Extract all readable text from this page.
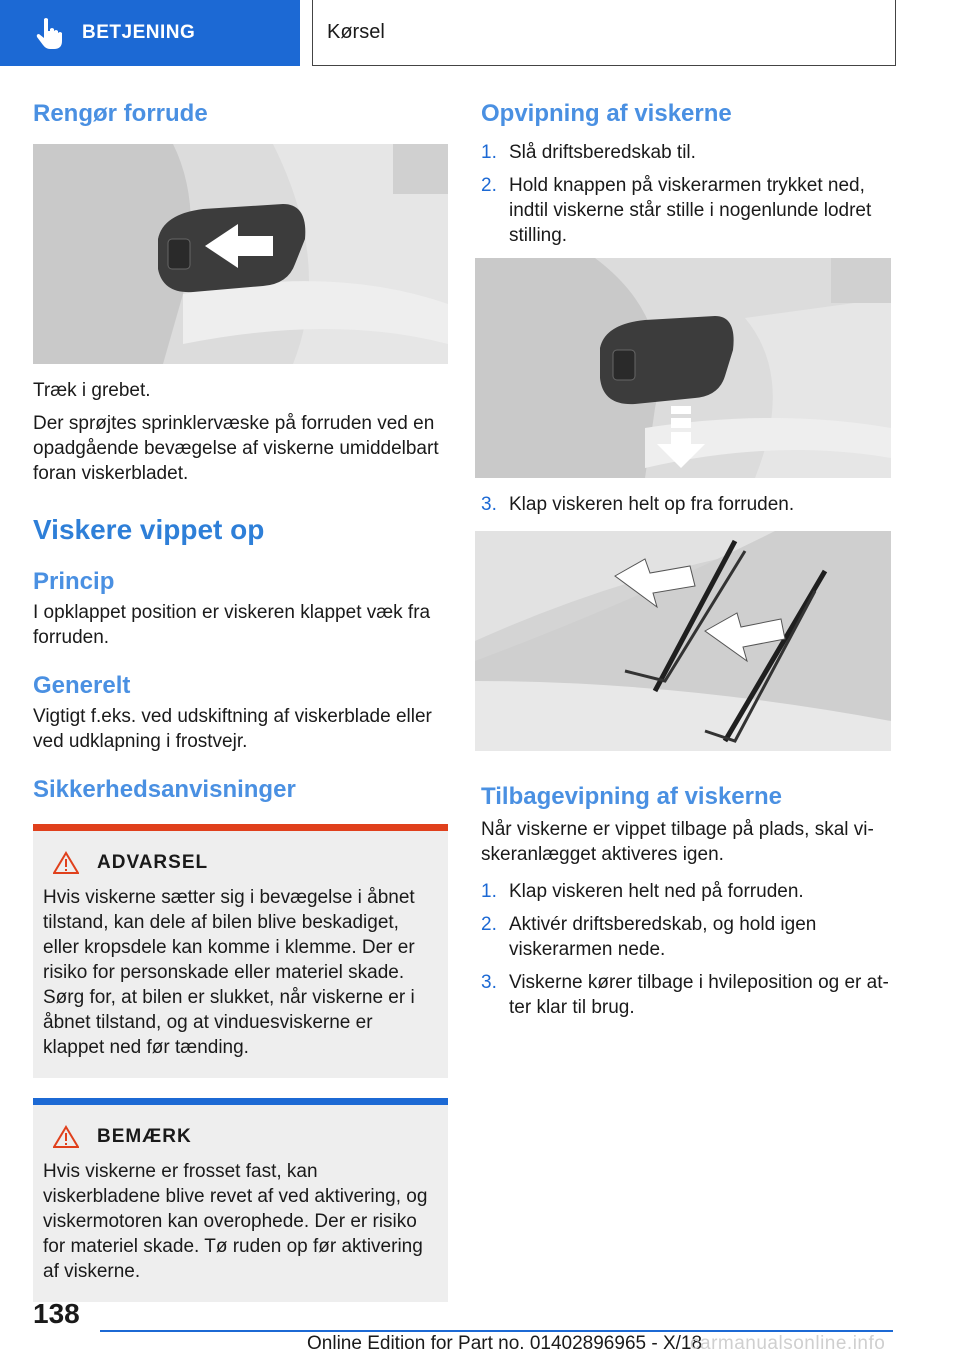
BETJENING	Kørsel
Rengør forrude

Træk i grebet.

Der sprøjtes sprinklervæske på forruden ved en opadgående bevægelse af viskerne umiddelbart foran viskerbladet.

Viskere vippet op
Princip

I opklappet position er viskeren klappet væk fra forruden.

Generelt

Vigtigt f.eks. ved udskiftning af viskerblade eller ved udklapning i frostvejr.

Sikkerhedsanvisninger
ADVARSEL

Hvis viskerne sætter sig i bevægelse i åbnet tilstand, kan dele af bilen blive beskadiget, eller kropsdele kan komme i klemme. Der er risiko for personskade eller materiel skade. Sørg for, at bilen er slukket, når viskerne er i åbnet tilstand, og at vinduesviskerne er klappet ned før tænding.

BEMÆRK

Hvis viskerne er frosset fast, kan viskerbladene blive revet af ved aktivering, og viskermotoren kan overophede. Der er risiko for materiel skade. Tø ruden op før aktivering af viskerne.

Opvipning af viskerne
1. Slå driftsberedskab til.
2. Hold knappen på viskerarmen trykket ned, indtil viskerne står stille i nogenlunde lodret stilling.
3. Klap viskeren helt op fra forruden.
Tilbagevipning af viskerne

Når viskerne er vippet tilbage på plads, skal viskeranlægget aktiveres igen.

1. Klap viskeren helt ned på forruden.
2. Aktivér driftsberedskab, og hold igen viskerarmen nede.
3. Viskerne kører tilbage i hvileposition og er atter klar til brug.
138
Online Edition for Part no. 01402896965 - X/18
carmanualsonline.info
